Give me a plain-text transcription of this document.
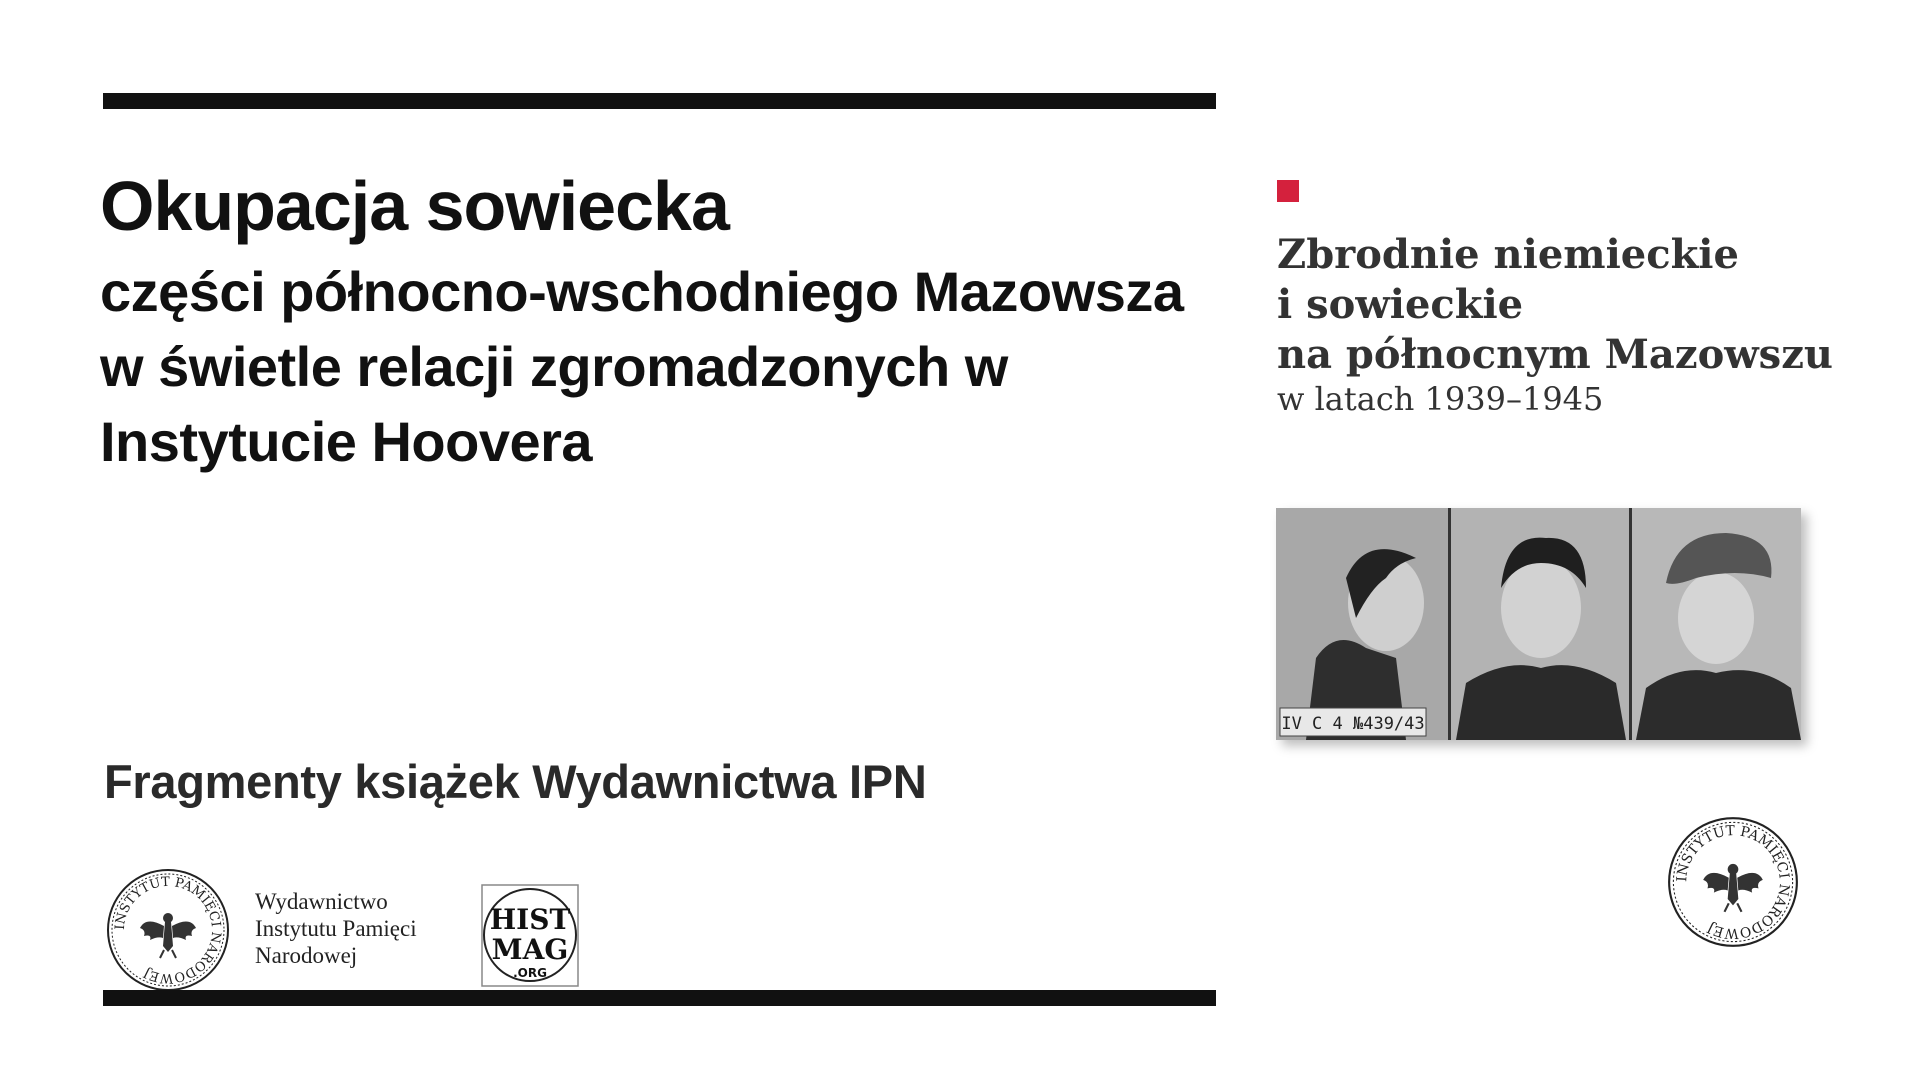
Okupacja sowiecka
części północno-wschodniego Mazowsza
w świetle relacji zgromadzonych w
Instytucie Hoovera
Fragmenty książek Wydawnictwa IPN
INSTYTUT PAMIĘCI NARODOWEJ
Wydawnictwo
Instytutu Pamięci
Narodowej
HIST
MAG
.ORG
Zbrodnie niemieckie
i sowieckie
na północnym Mazowszu
w latach 1939–1945
IV C 4 №439/43
INSTYTUT PAMIĘCI NARODOWEJ
